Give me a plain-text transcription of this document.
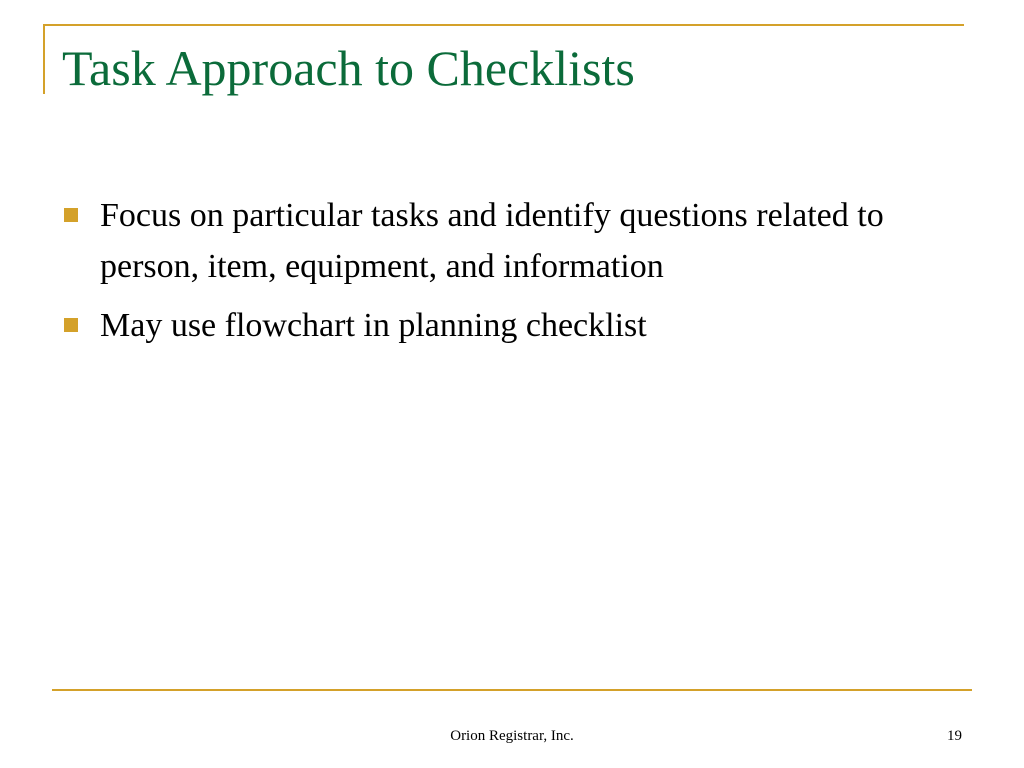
Task Approach to Checklists
Focus on particular tasks and identify questions related to person, item, equipment, and information
May use flowchart in planning checklist
Orion Registrar, Inc.	19
